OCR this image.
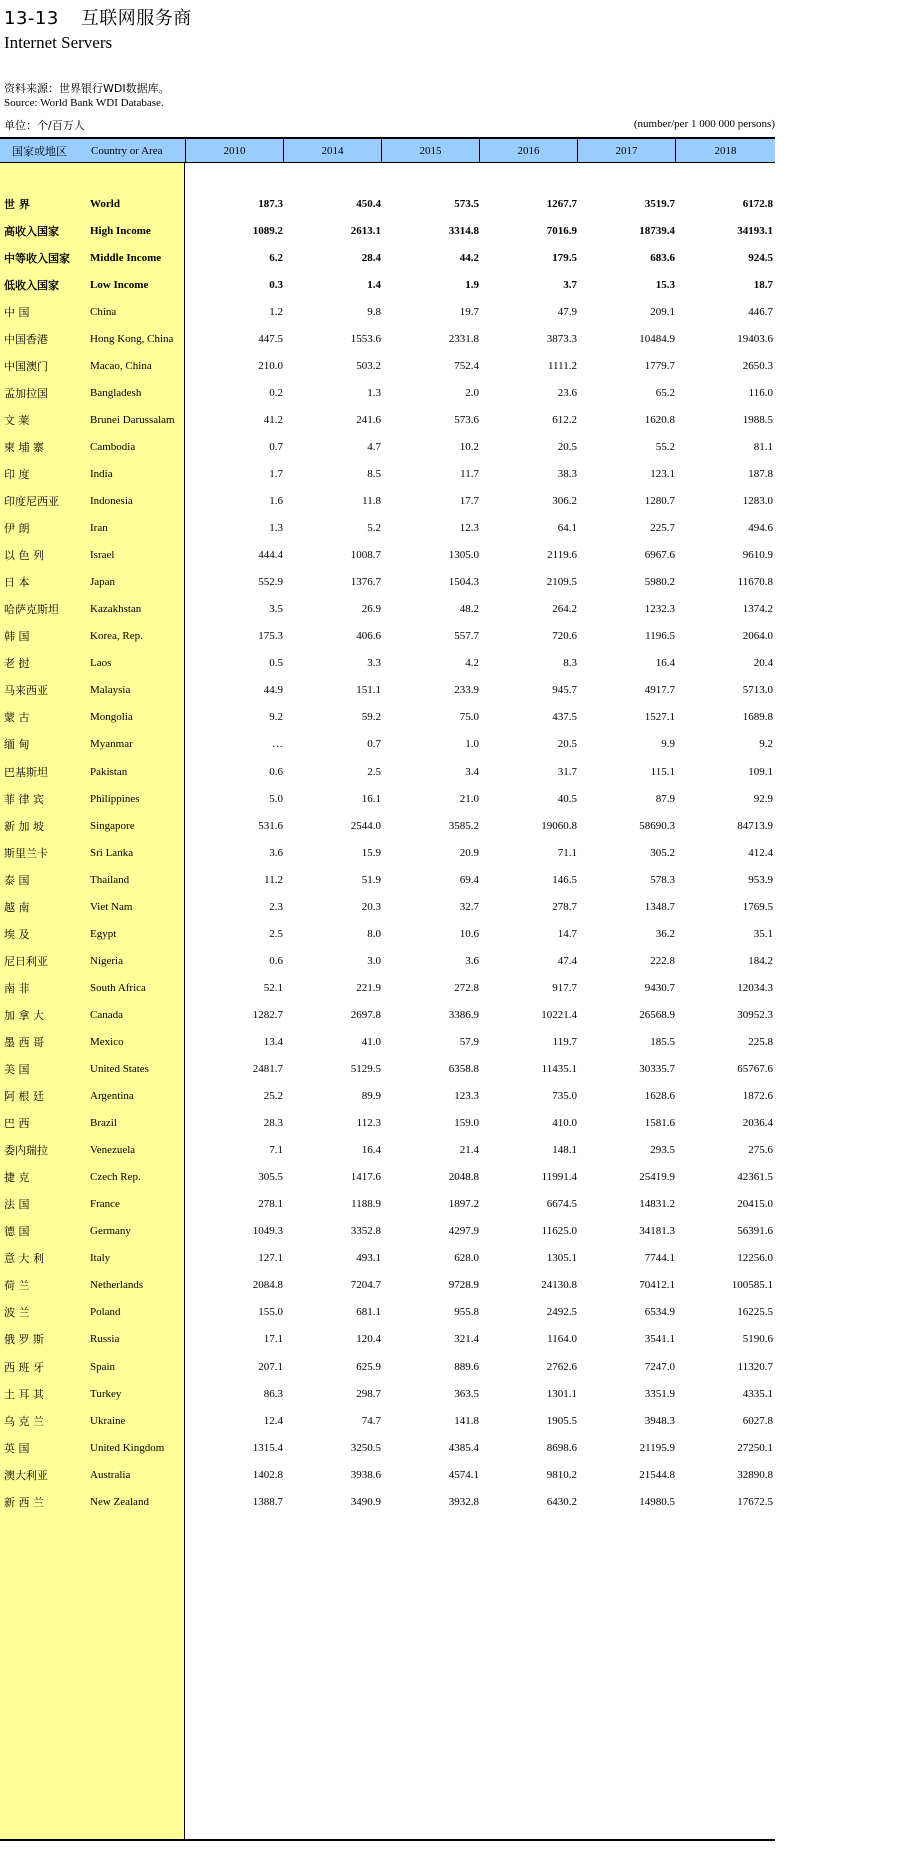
13-13 互联网服务商
Internet Servers
资料来源：世界银行WDI数据库。
Source: World Bank WDI Database.
单位：个/百万人	(number/per 1 000 000 persons)
国家或地区 Country or Area	2010	2014	2015	2016	2017	2018
世 界	World	187.3	450.4	573.5	1267.7	3519.7	6172.8
高收入国家	High Income	1089.2	2613.1	3314.8	7016.9	18739.4	34193.1
中等收入国家	Middle Income	6.2	28.4	44.2	179.5	683.6	924.5
低收入国家	Low Income	0.3	1.4	1.9	3.7	15.3	18.7
中 国	China	1.2	9.8	19.7	47.9	209.1	446.7
中国香港	Hong Kong, China	447.5	1553.6	2331.8	3873.3	10484.9	19403.6
中国澳门	Macao, China	210.0	503.2	752.4	1111.2	1779.7	2650.3
孟加拉国	Bangladesh	0.2	1.3	2.0	23.6	65.2	116.0
文 莱	Brunei Darussalam	41.2	241.6	573.6	612.2	1620.8	1988.5
柬 埔 寨	Cambodia	0.7	4.7	10.2	20.5	55.2	81.1
印 度	India	1.7	8.5	11.7	38.3	123.1	187.8
印度尼西亚	Indonesia	1.6	11.8	17.7	306.2	1280.7	1283.0
伊 朗	Iran	1.3	5.2	12.3	64.1	225.7	494.6
以 色 列	Israel	444.4	1008.7	1305.0	2119.6	6967.6	9610.9
日 本	Japan	552.9	1376.7	1504.3	2109.5	5980.2	11670.8
哈萨克斯坦	Kazakhstan	3.5	26.9	48.2	264.2	1232.3	1374.2
韩 国	Korea, Rep.	175.3	406.6	557.7	720.6	1196.5	2064.0
老 挝	Laos	0.5	3.3	4.2	8.3	16.4	20.4
马来西亚	Malaysia	44.9	151.1	233.9	945.7	4917.7	5713.0
蒙 古	Mongolia	9.2	59.2	75.0	437.5	1527.1	1689.8
缅 甸	Myanmar	…	0.7	1.0	20.5	9.9	9.2
巴基斯坦	Pakistan	0.6	2.5	3.4	31.7	115.1	109.1
菲 律 宾	Philippines	5.0	16.1	21.0	40.5	87.9	92.9
新 加 坡	Singapore	531.6	2544.0	3585.2	19060.8	58690.3	84713.9
斯里兰卡	Sri Lanka	3.6	15.9	20.9	71.1	305.2	412.4
泰 国	Thailand	11.2	51.9	69.4	146.5	578.3	953.9
越 南	Viet Nam	2.3	20.3	32.7	278.7	1348.7	1769.5
埃 及	Egypt	2.5	8.0	10.6	14.7	36.2	35.1
尼日利亚	Nigeria	0.6	3.0	3.6	47.4	222.8	184.2
南 非	South Africa	52.1	221.9	272.8	917.7	9430.7	12034.3
加 拿 大	Canada	1282.7	2697.8	3386.9	10221.4	26568.9	30952.3
墨 西 哥	Mexico	13.4	41.0	57.9	119.7	185.5	225.8
美 国	United States	2481.7	5129.5	6358.8	11435.1	30335.7	65767.6
阿 根 廷	Argentina	25.2	89.9	123.3	735.0	1628.6	1872.6
巴 西	Brazil	28.3	112.3	159.0	410.0	1581.6	2036.4
委内瑞拉	Venezuela	7.1	16.4	21.4	148.1	293.5	275.6
捷 克	Czech Rep.	305.5	1417.6	2048.8	11991.4	25419.9	42361.5
法 国	France	278.1	1188.9	1897.2	6674.5	14831.2	20415.0
德 国	Germany	1049.3	3352.8	4297.9	11625.0	34181.3	56391.6
意 大 利	Italy	127.1	493.1	628.0	1305.1	7744.1	12256.0
荷 兰	Netherlands	2084.8	7204.7	9728.9	24130.8	70412.1	100585.1
波 兰	Poland	155.0	681.1	955.8	2492.5	6534.9	16225.5
俄 罗 斯	Russia	17.1	120.4	321.4	1164.0	3541.1	5190.6
西 班 牙	Spain	207.1	625.9	889.6	2762.6	7247.0	11320.7
土 耳 其	Turkey	86.3	298.7	363.5	1301.1	3351.9	4335.1
乌 克 兰	Ukraine	12.4	74.7	141.8	1905.5	3948.3	6027.8
英 国	United Kingdom	1315.4	3250.5	4385.4	8698.6	21195.9	27250.1
澳大利亚	Australia	1402.8	3938.6	4574.1	9810.2	21544.8	32890.8
新 西 兰	New Zealand	1388.7	3490.9	3932.8	6430.2	14980.5	17672.5
